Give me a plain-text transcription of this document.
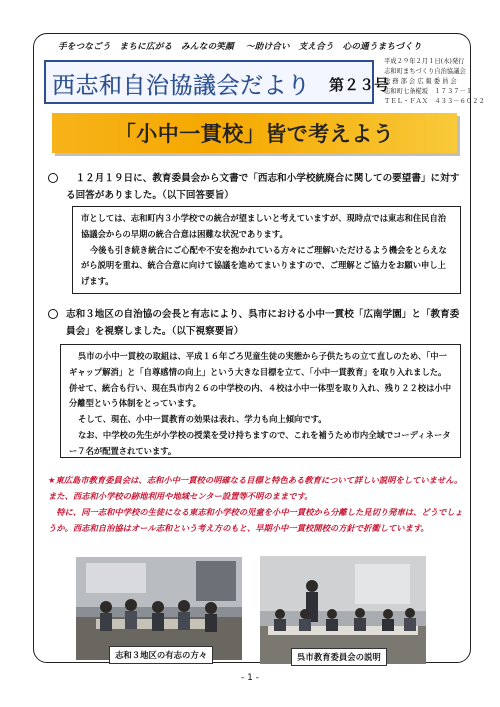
手をつなごう　まちに広がる　みんなの笑顔　 ～助け合い　支え合う　心の通うまちづくり
西志和自治協議会だより 第２３号
平成２９年２月１日(木)発行
志和町まちづくり自治協議会
総 務 部 会 広 報 委 員 会
志和町七条椛坂　１７３７－１
ＴＥＬ・ＦＡＸ　４３３－６０２２
「小中一貫校」皆で考えよう
　１２月１９日に、教育委員会から文書で「西志和小学校統廃合に関しての要望書」に対する回答がありました。（以下回答要旨）

市としては、志和町内３小学校での統合が望ましいと考えていますが、現時点では東志和住民自治協議会からの早期の統合合意は困難な状況であります。

今後も引き続き統合にご心配や不安を抱かれている方々にご理解いただけるよう機会をとらえながら説明を重ね、統合合意に向けて協議を進めてまいりますので、ご理解とご協力をお願い申し上げます。

志和３地区の自治協の会長と有志により、呉市における小中一貫校「広南学園」と「教育委員会」を視察しました。（以下視察要旨）

呉市の小中一貫校の取組は、平成１６年ごろ児童生徒の実態から子供たちの立て直しのため、「中一ギャップ解消」と「自尊感情の向上」という大きな目標を立て、「小中一貫教育」を取り入れました。　併せて、統合も行い、現在呉市内２６の中学校の内、４校は小中一体型を取り入れ、残り２２校は小中分離型という体制をとっています。

そして、現在、小中一貫教育の効果は表れ、学力も向上傾向です。

なお、中学校の先生が小学校の授業を受け持ちますので、これを補うため市内全域でコーディネーター７名が配置されています。

★東広島市教育委員会は、志和小中一貫校の明確なる目標と特色ある教育について詳しい説明をしていません。また、西志和小学校の跡地利用や地域センター設置等不明のままです。

　特に、同一志和中学校の生徒になる東志和小学校の児童を小中一貫校から分離した見切り発車は、どうでしょうか。西志和自治協はオール志和という考え方のもと、早期小中一貫校開校の方針で折衝しています。

志和３地区の有志の方々	呉市教育委員会の説明
- 1 -
